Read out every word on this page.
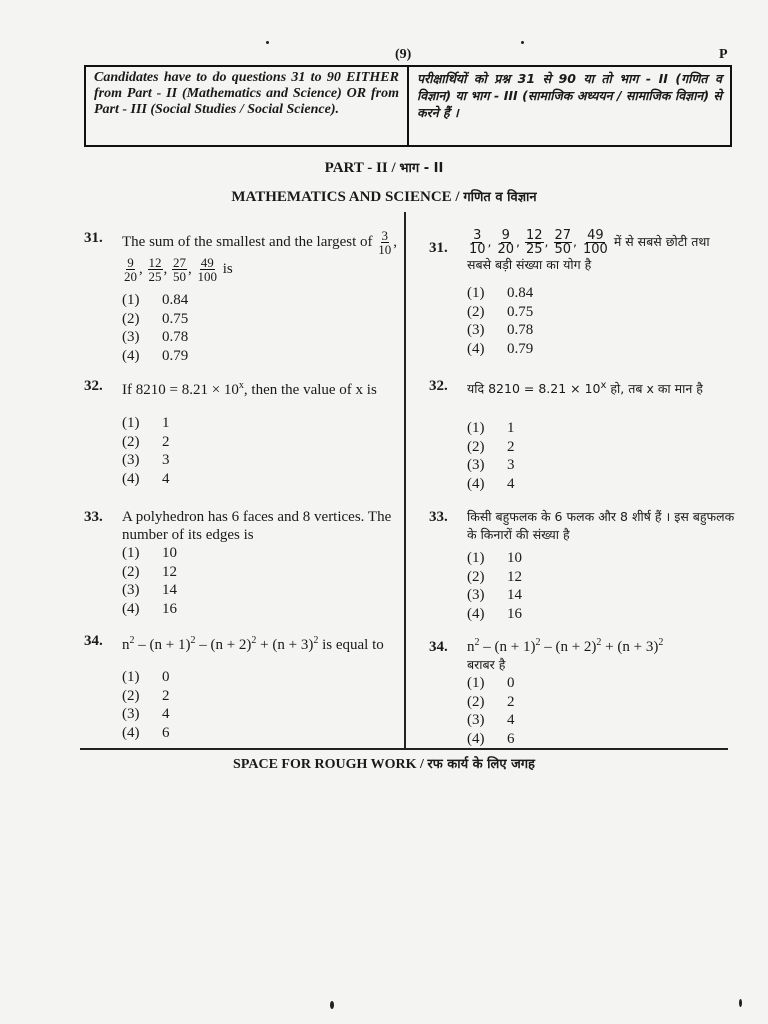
(9)	P
Candidates have to do questions 31 to 90 EITHER from Part - II (Mathematics and Science) OR from Part - III (Social Studies / Social Science).
परीक्षार्थियों को प्रश्न 31 से 90 या तो भाग - II (गणित व विज्ञान) या भाग - III (सामाजिक अध्ययन / सामाजिक विज्ञान) से करने हैं ।
PART - II / भाग - II
MATHEMATICS AND SCIENCE / गणित व विज्ञान
31. The sum of the smallest and the largest of $\frac{3}{10}$ ,
$\frac{9}{20}$ , $\frac{12}{25}$ , $\frac{27}{50}$ , $\frac{49}{100}$ is
(1) 0.84
(2) 0.75
(3) 0.78
(4) 0.79
31. $\frac{3}{10}$ , $\frac{9}{20}$ , $\frac{12}{25}$ , $\frac{27}{50}$ , $\frac{49}{100}$ में से सबसे छोटी तथा सबसे बड़ी संख्या का योग है
(1) 0.84
(2) 0.75
(3) 0.78
(4) 0.79
32. If $8210 = 8.21 \times 10^x$, then the value of x is
(1) 1
(2) 2
(3) 3
(4) 4
32. यदि $8210 = 8.21 \times 10^x$ हो, तब x का मान है
(1) 1
(2) 2
(3) 3
(4) 4
33. A polyhedron has 6 faces and 8 vertices. The number of its edges is
(1) 10
(2) 12
(3) 14
(4) 16
33. किसी बहुफलक के 6 फलक और 8 शीर्ष हैं । इस बहुफलक के किनारों की संख्या है
(1) 10
(2) 12
(3) 14
(4) 16
34. $n^2 - (n + 1)^2 - (n + 2)^2 + (n + 3)^2$ is equal to
(1) 0
(2) 2
(3) 4
(4) 6
34. $n^2 - (n + 1)^2 - (n + 2)^2 + (n + 3)^2$
बराबर है
(1) 0
(2) 2
(3) 4
(4) 6
SPACE FOR ROUGH WORK / रफ कार्य के लिए जगह
